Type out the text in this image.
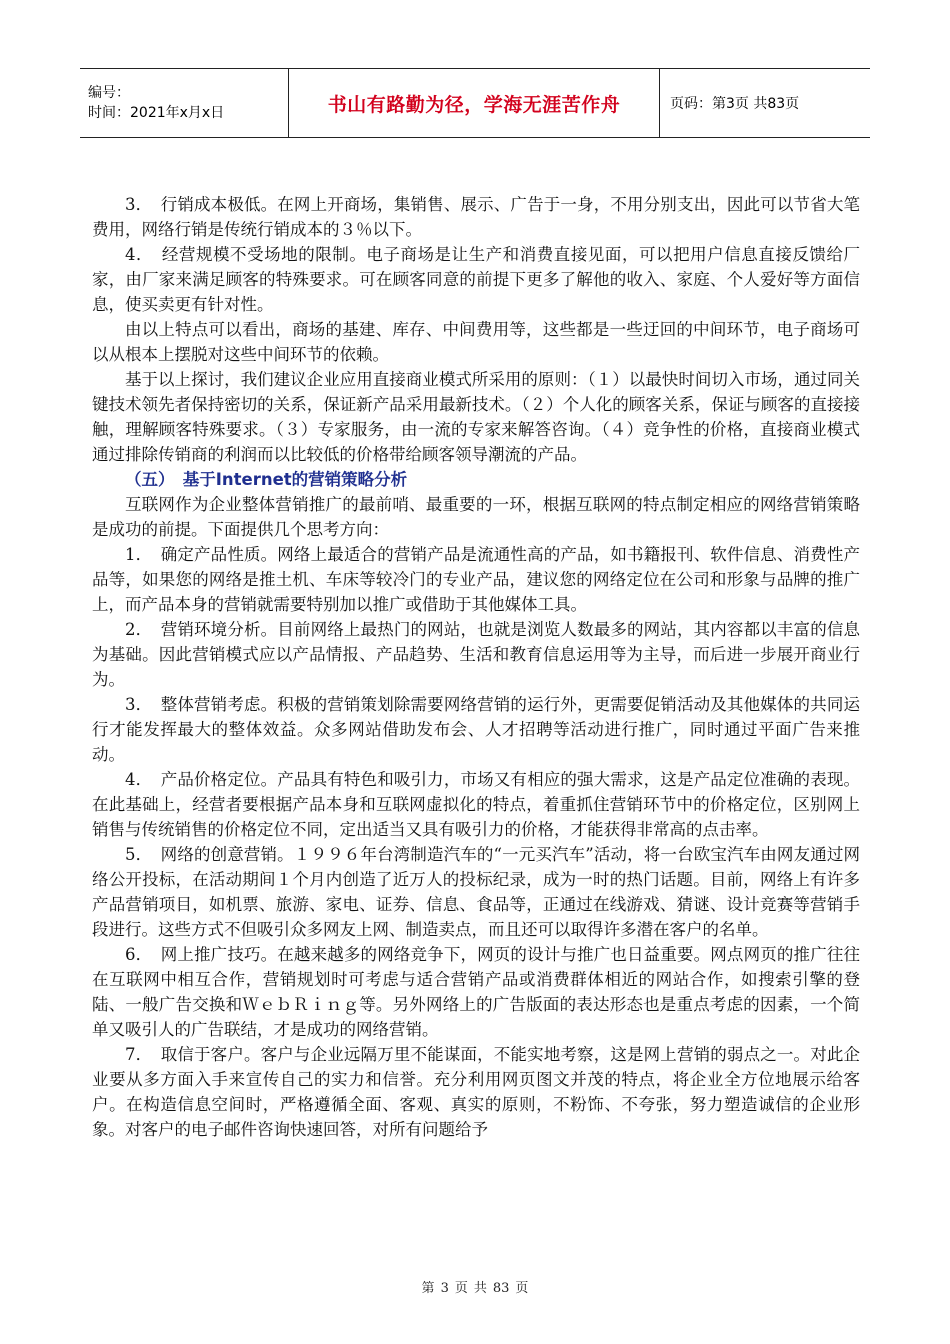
编号：
时间：2021年x月x日	书山有路勤为径，学海无涯苦作舟	页码：第3页 共83页

3．　行销成本极低。在网上开商场，集销售、展示、广告于一身，不用分别支出，因此可以节省大笔费用，网络行销是传统行销成本的３％以下。

4．　经营规模不受场地的限制。电子商场是让生产和消费直接见面，可以把用户信息直接反馈给厂家，由厂家来满足顾客的特殊要求。可在顾客同意的前提下更多了解他的收入、家庭、个人爱好等方面信息，使买卖更有针对性。

由以上特点可以看出，商场的基建、库存、中间费用等，这些都是一些迂回的中间环节，电子商场可以从根本上摆脱对这些中间环节的依赖。

基于以上探讨，我们建议企业应用直接商业模式所采用的原则：（１）以最快时间切入市场，通过同关键技术领先者保持密切的关系，保证新产品采用最新技术。（２）个人化的顾客关系，保证与顾客的直接接触，理解顾客特殊要求。（３）专家服务，由一流的专家来解答咨询。（４）竞争性的价格，直接商业模式通过排除传销商的利润而以比较低的价格带给顾客领导潮流的产品。

（五）　基于Internet的营销策略分析

互联网作为企业整体营销推广的最前哨、最重要的一环，根据互联网的特点制定相应的网络营销策略是成功的前提。下面提供几个思考方向：

1．　确定产品性质。网络上最适合的营销产品是流通性高的产品，如书籍报刊、软件信息、消费性产品等，如果您的网络是推土机、车床等较冷门的专业产品，建议您的网络定位在公司和形象与品牌的推广上，而产品本身的营销就需要特别加以推广或借助于其他媒体工具。

2．　营销环境分析。目前网络上最热门的网站，也就是浏览人数最多的网站，其内容都以丰富的信息为基础。因此营销模式应以产品情报、产品趋势、生活和教育信息运用等为主导，而后进一步展开商业行为。

3．　整体营销考虑。积极的营销策划除需要网络营销的运行外，更需要促销活动及其他媒体的共同运行才能发挥最大的整体效益。众多网站借助发布会、人才招聘等活动进行推广，同时通过平面广告来推动。

4．　产品价格定位。产品具有特色和吸引力，市场又有相应的强大需求，这是产品定位准确的表现。在此基础上，经营者要根据产品本身和互联网虚拟化的特点，着重抓住营销环节中的价格定位，区别网上销售与传统销售的价格定位不同，定出适当又具有吸引力的价格，才能获得非常高的点击率。

5．　网络的创意营销。１９９６年台湾制造汽车的“一元买汽车”活动，将一台欧宝汽车由网友通过网络公开投标，在活动期间１个月内创造了近万人的投标纪录，成为一时的热门话题。目前，网络上有许多产品营销项目，如机票、旅游、家电、证券、信息、食品等，正通过在线游戏、猜谜、设计竞赛等营销手段进行。这些方式不但吸引众多网友上网、制造卖点，而且还可以取得许多潜在客户的名单。

6．　网上推广技巧。在越来越多的网络竞争下，网页的设计与推广也日益重要。网点网页的推广往往在互联网中相互合作，营销规划时可考虑与适合营销产品或消费群体相近的网站合作，如搜索引擎的登陆、一般广告交换和ＷｅｂＲｉｎｇ等。另外网络上的广告版面的表达形态也是重点考虑的因素，一个简单又吸引人的广告联结，才是成功的网络营销。

7．　取信于客户。客户与企业远隔万里不能谋面，不能实地考察，这是网上营销的弱点之一。对此企业要从多方面入手来宣传自己的实力和信誉。充分利用网页图文并茂的特点，将企业全方位地展示给客户。在构造信息空间时，严格遵循全面、客观、真实的原则，不粉饰、不夸张，努力塑造诚信的企业形象。对客户的电子邮件咨询快速回答，对所有问题给予

第 3 页 共 83 页
